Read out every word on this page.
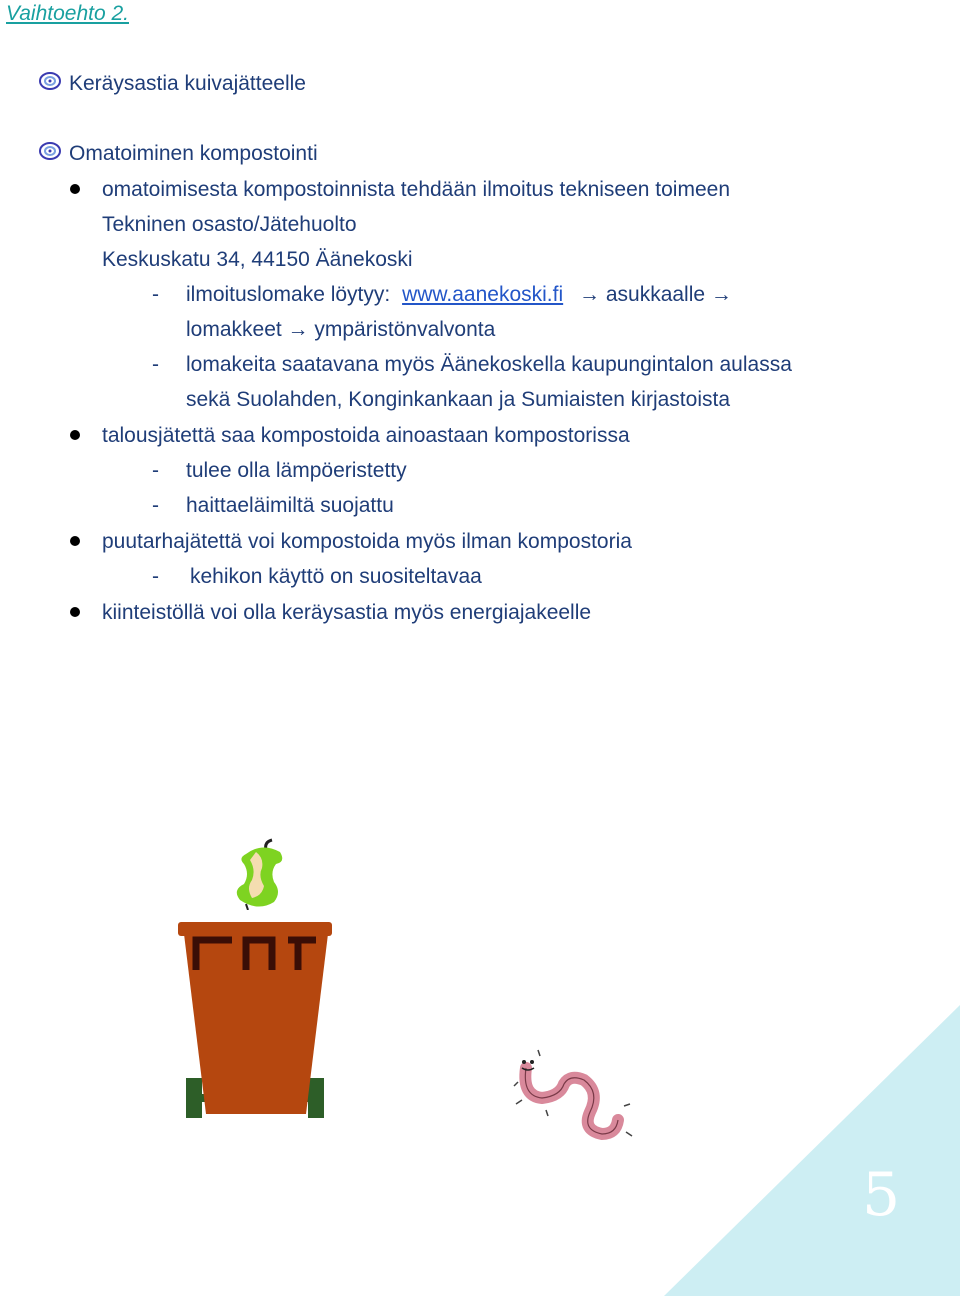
Vaihtoehto 2.
Keräysastia kuivajätteelle
Omatoiminen kompostointi
omatoimisesta kompostoinnista tehdään ilmoitus tekniseen toimeen
Tekninen osasto/Jätehuolto
Keskuskatu 34, 44150 Äänekoski
- ilmoituslomake löytyy: www.aanekoski.fi → asukkaalle →
lomakkeet → ympäristönvalvonta
- lomakeita saatavana myös Äänekoskella kaupungintalon aulassa
sekä Suolahden, Konginkankaan ja Sumiaisten kirjastoista
talousjätettä saa kompostoida ainoastaan kompostorissa
- tulee olla lämpöeristetty
- haittaeläimiltä suojattu
puutarhajätettä voi kompostoida myös ilman kompostoria
- kehikon käyttö on suositeltavaa
kiinteistöllä voi olla keräysastia myös energiajakeelle
5
